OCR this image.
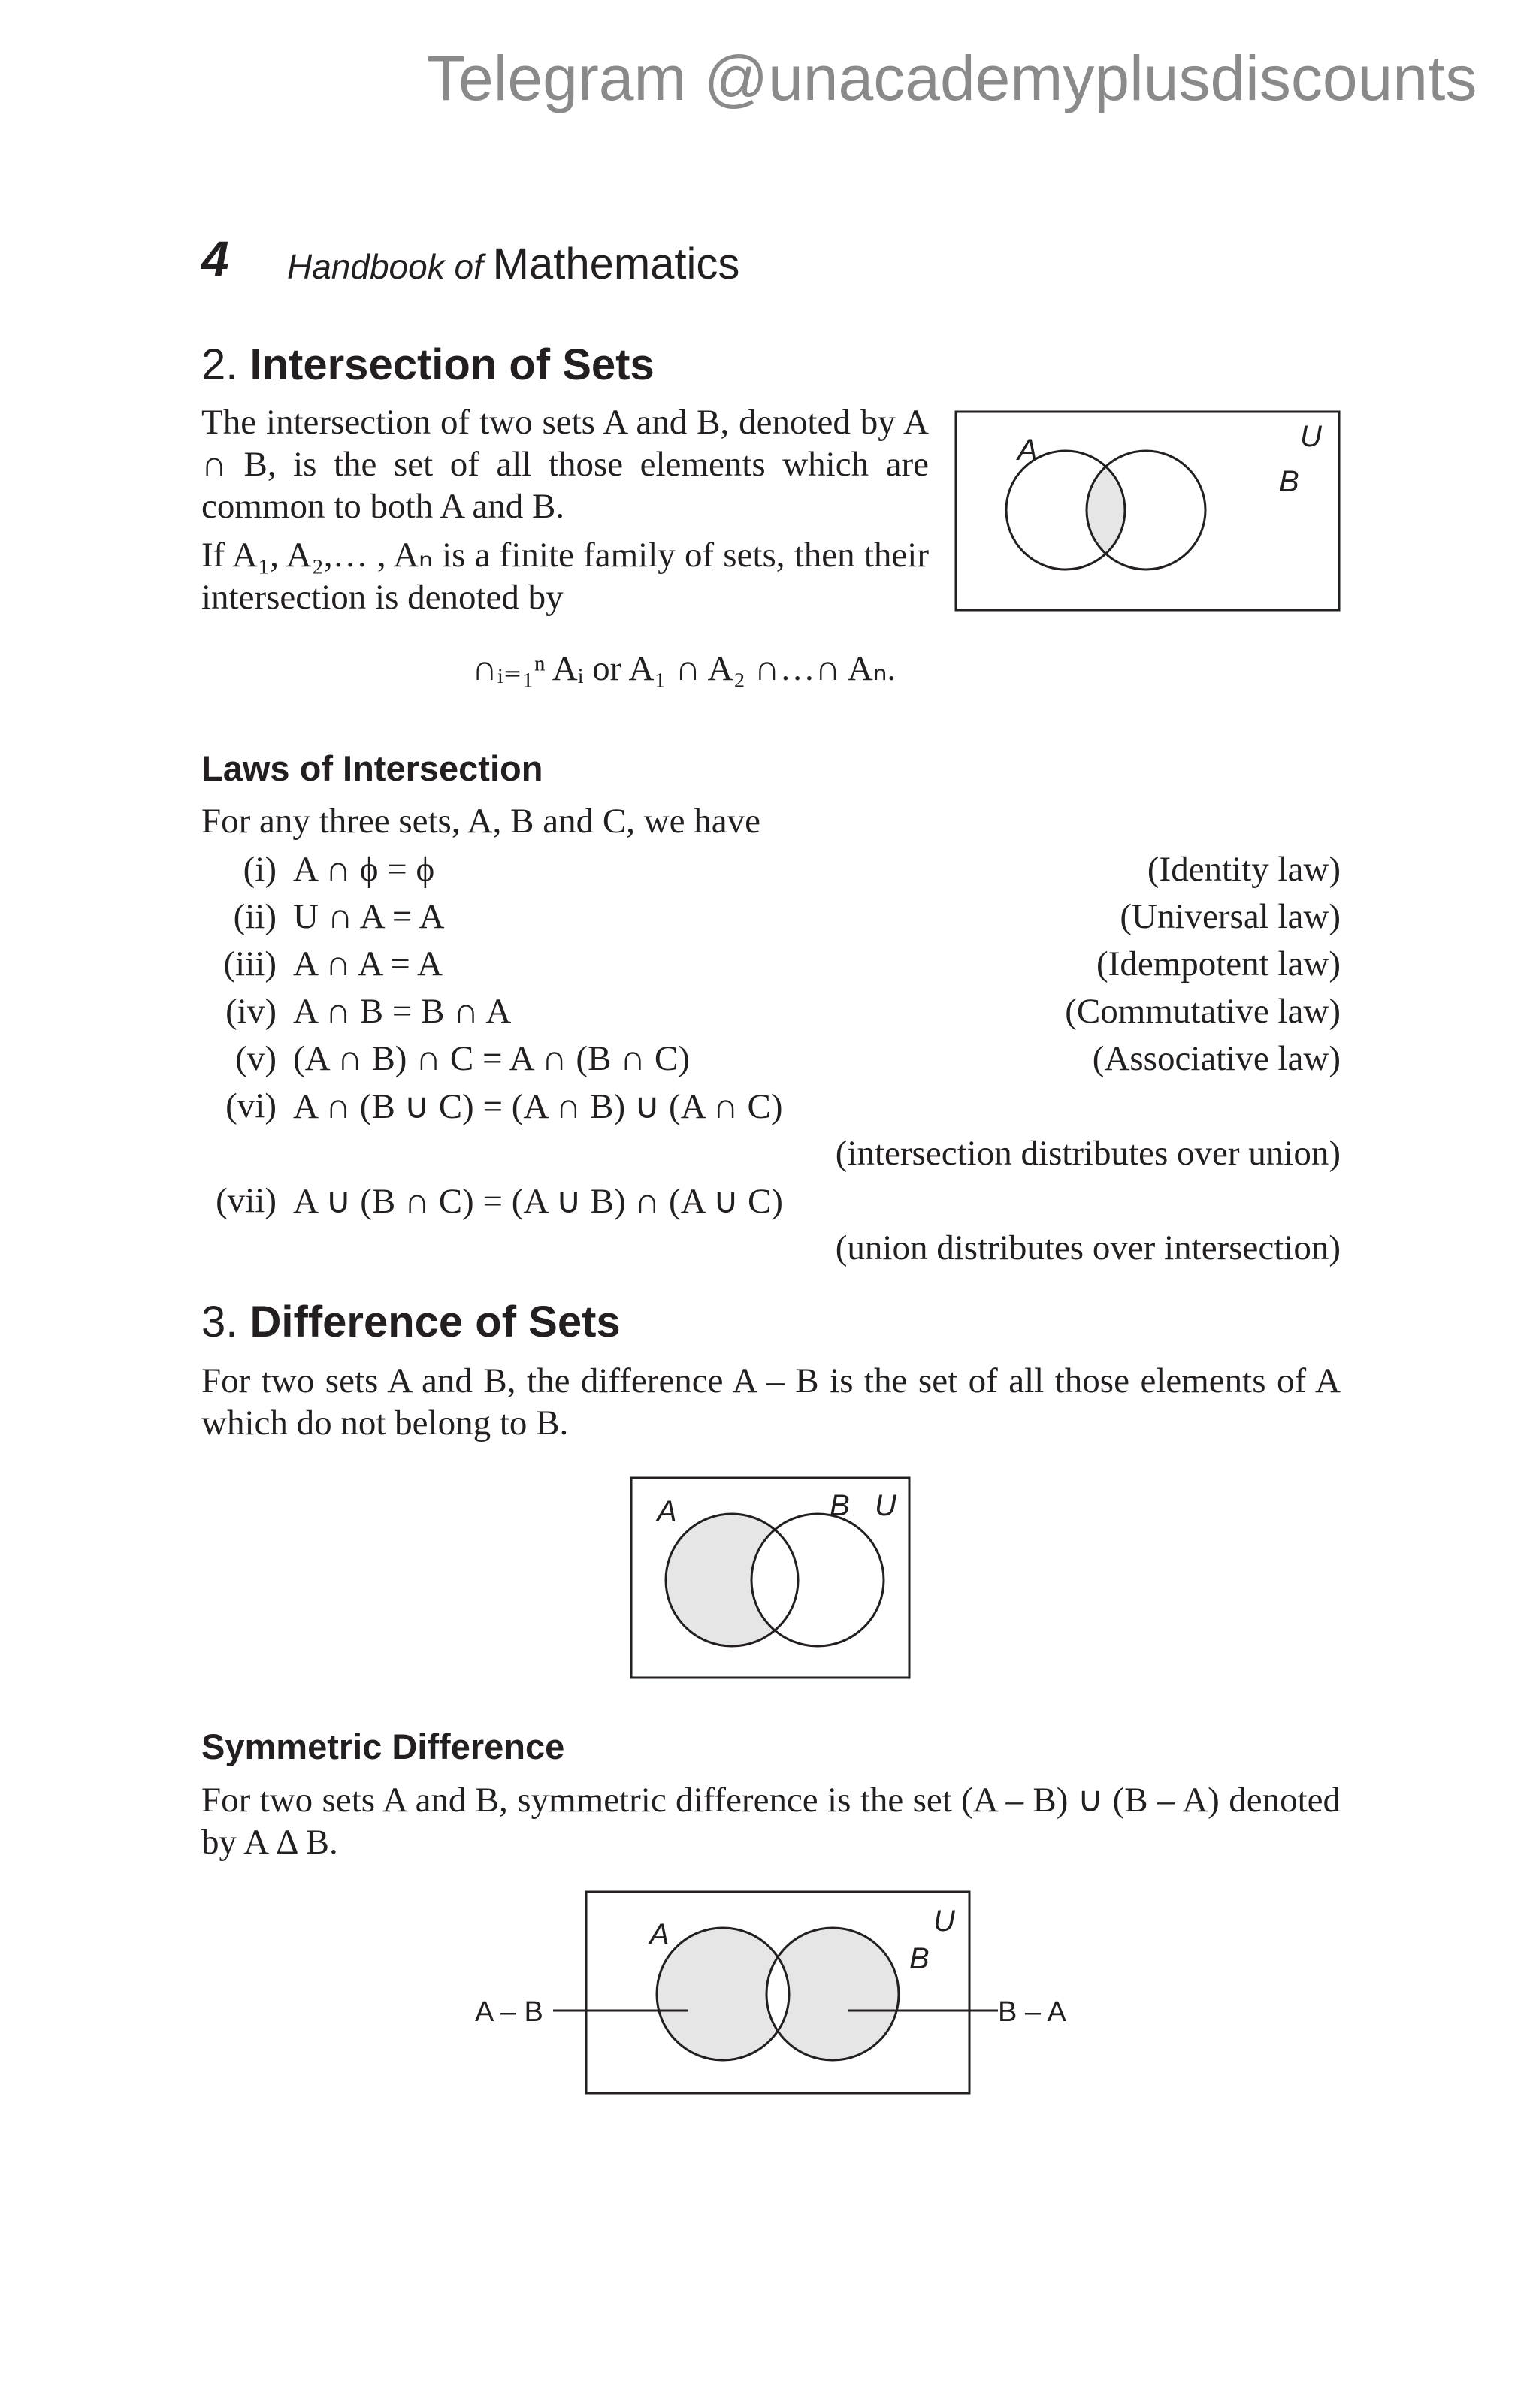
Telegram @unacademyplusdiscounts
4 Handbook of Mathematics
2. Intersection of Sets
The intersection of two sets A and B, denoted by A ∩ B, is the set of all those elements which are common to both A and B.
If A₁, A₂,… , Aₙ is a finite family of sets, then their intersection is denoted by
∩ᵢ₌₁ⁿ Aᵢ or A₁ ∩ A₂ ∩…∩ Aₙ.
A
B
U
Laws of Intersection
For any three sets, A, B and C, we have
(i) A ∩ ϕ = ϕ	(Identity law)
(ii) U ∩ A = A	(Universal law)
(iii) A ∩ A = A	(Idempotent law)
(iv) A ∩ B = B ∩ A	(Commutative law)
(v) (A ∩ B) ∩ C = A ∩ (B ∩ C)	(Associative law)
(vi) A ∩ (B ∪ C) = (A ∩ B) ∪ (A ∩ C)
(intersection distributes over union)
(vii) A ∪ (B ∩ C) = (A ∪ B) ∩ (A ∪ C)
(union distributes over intersection)
3. Difference of Sets
For two sets A and B, the difference A – B is the set of all those elements of A which do not belong to B.
A	B U
Symmetric Difference
For two sets A and B, symmetric difference is the set (A – B) ∪ (B – A) denoted by A Δ B.
A – B	B – A
A
B
U
